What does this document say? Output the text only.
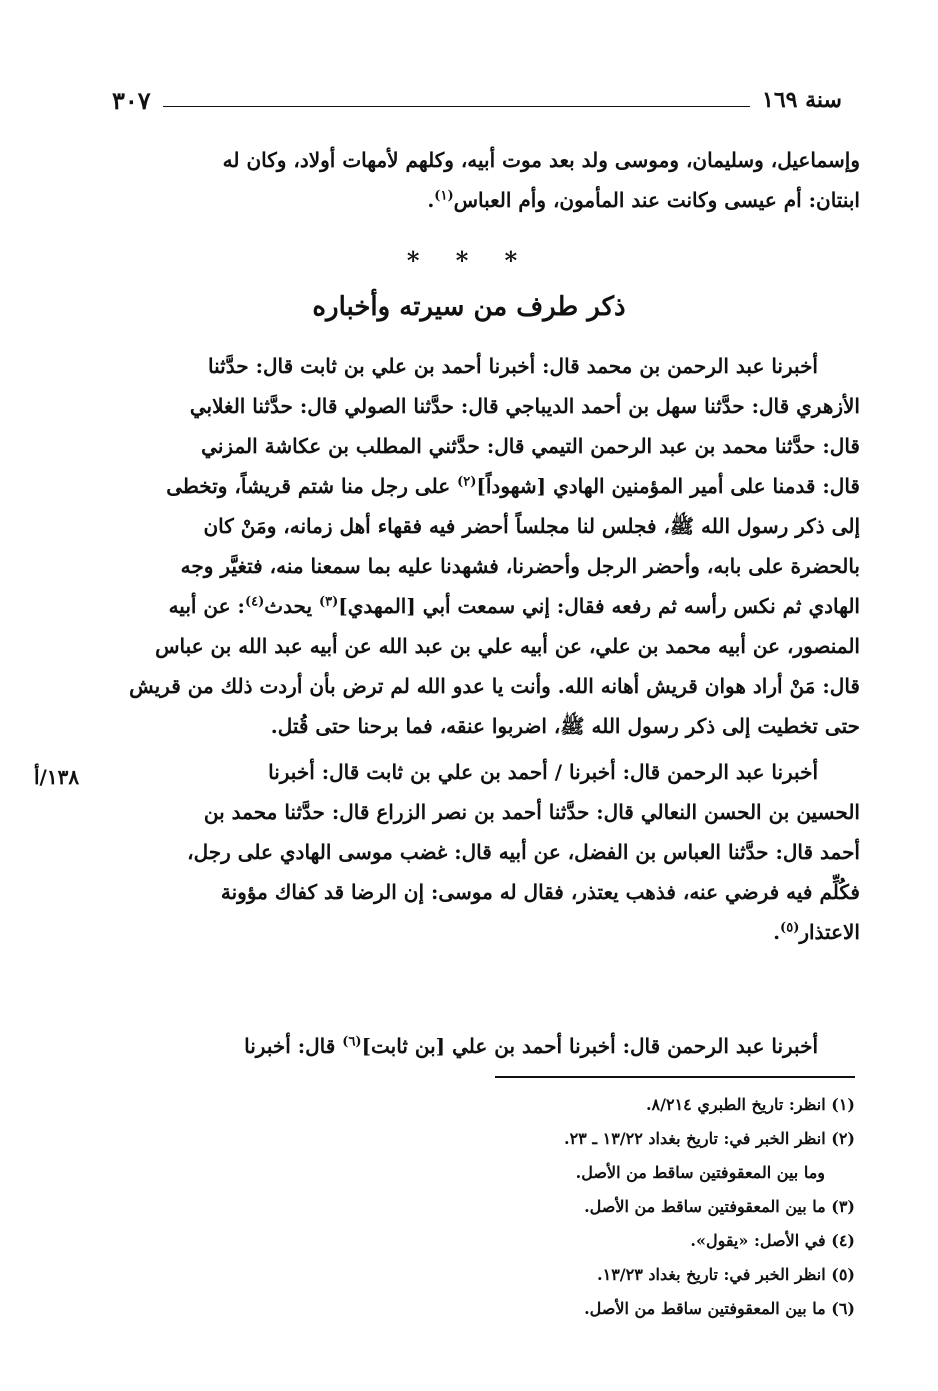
سنة ١٦٩
٣٠٧

وإسماعيل، وسليمان، وموسى ولد بعد موت أبيه، وكلهم لأمهات أولاد، وكان له

ابنتان: أم عيسى وكانت عند المأمون، وأم العباس$^{(١)}$.

* * *
ذكر طرف من سيرته وأخباره

أخبرنا عبد الرحمن بن محمد قال: أخبرنا أحمد بن علي بن ثابت قال: حدَّثنا

الأزهري قال: حدَّثنا سهل بن أحمد الديباجي قال: حدَّثنا الصولي قال: حدَّثنا الغلابي

قال: حدَّثنا محمد بن عبد الرحمن التيمي قال: حدَّثني المطلب بن عكاشة المزني

قال: قدمنا على أمير المؤمنين الهادي [شهوداً]$^{(٢)}$ على رجل منا شتم قريشاً، وتخطى

إلى ذكر رسول الله ﷺ، فجلس لنا مجلساً أحضر فيه فقهاء أهل زمانه، ومَنْ كان

بالحضرة على بابه، وأحضر الرجل وأحضرنا، فشهدنا عليه بما سمعنا منه، فتغيَّر وجه

الهادي ثم نكس رأسه ثم رفعه فقال: إني سمعت أبي [المهدي]$^{(٣)}$ يحدث$^{(٤)}$: عن أبيه

المنصور، عن أبيه محمد بن علي، عن أبيه علي بن عبد الله عن أبيه عبد الله بن عباس

قال: مَنْ أراد هوان قريش أهانه الله. وأنت يا عدو الله لم ترض بأن أردت ذلك من قريش

حتى تخطيت إلى ذكر رسول الله ﷺ، اضربوا عنقه، فما برحنا حتى قُتل.

١٣٨/أ	أخبرنا عبد الرحمن قال: أخبرنا / أحمد بن علي بن ثابت قال: أخبرنا

الحسين بن الحسن النعالي قال: حدَّثنا أحمد بن نصر الزراع قال: حدَّثنا محمد بن

أحمد قال: حدَّثنا العباس بن الفضل، عن أبيه قال: غضب موسى الهادي على رجل،

فكُلِّم فيه فرضي عنه، فذهب يعتذر، فقال له موسى: إن الرضا قد كفاك مؤونة

الاعتذار$^{(٥)}$.

أخبرنا عبد الرحمن قال: أخبرنا أحمد بن علي [بن ثابت]$^{(٦)}$ قال: أخبرنا

(١) انظر: تاريخ الطبري ٨/٢١٤.
(٢) انظر الخبر في: تاريخ بغداد ١٣/٢٢ ـ ٢٣.
وما بين المعقوفتين ساقط من الأصل.
(٣) ما بين المعقوفتين ساقط من الأصل.
(٤) في الأصل: «يقول».
(٥) انظر الخبر في: تاريخ بغداد ١٣/٢٣.
(٦) ما بين المعقوفتين ساقط من الأصل.
